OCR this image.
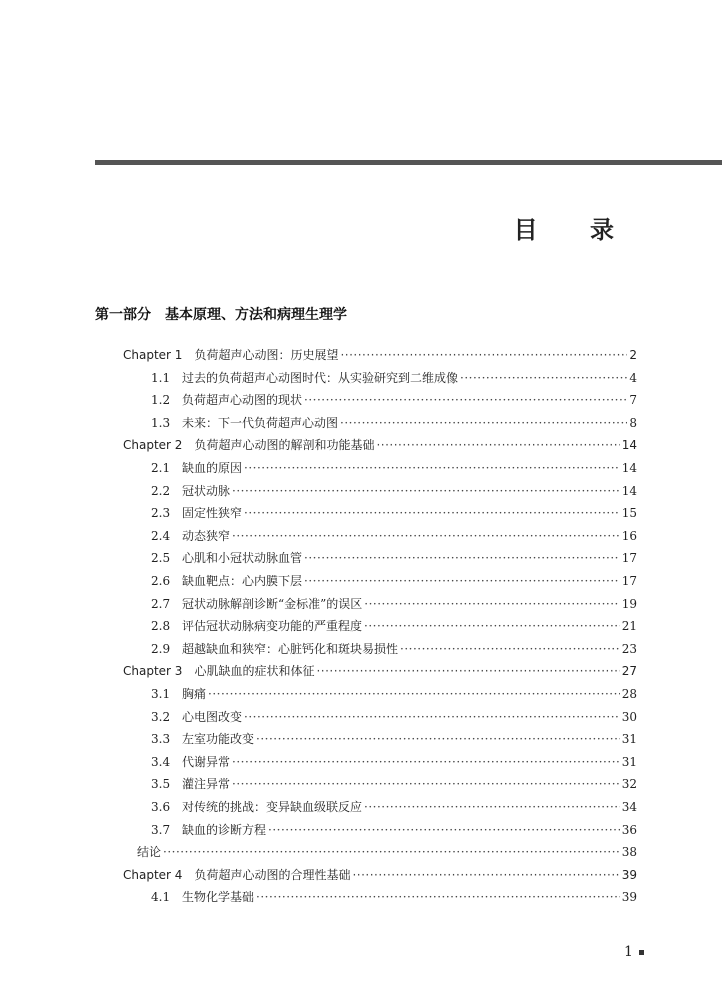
目 录
第一部分　基本原理、方法和病理生理学
Chapter 1 负荷超声心动图：历史展望 ·····	2
1.1 过去的负荷超声心动图时代：从实验研究到二维成像 ·····	4
1.2 负荷超声心动图的现状 ·····	7
1.3 未来：下一代负荷超声心动图 ·····	8
Chapter 2 负荷超声心动图的解剖和功能基础 ·····	14
2.1 缺血的原因 ·····	14
2.2 冠状动脉 ·····	14
2.3 固定性狭窄 ·····	15
2.4 动态狭窄 ·····	16
2.5 心肌和小冠状动脉血管 ·····	17
2.6 缺血靶点：心内膜下层 ·····	17
2.7 冠状动脉解剖诊断“金标准”的误区 ·····	19
2.8 评估冠状动脉病变功能的严重程度 ·····	21
2.9 超越缺血和狭窄：心脏钙化和斑块易损性 ·····	23
Chapter 3 心肌缺血的症状和体征 ·····	27
3.1 胸痛 ·····	28
3.2 心电图改变 ·····	30
3.3 左室功能改变 ·····	31
3.4 代谢异常 ·····	31
3.5 灌注异常 ·····	32
3.6 对传统的挑战：变异缺血级联反应 ·····	34
3.7 缺血的诊断方程 ·····	36
结论 ·····	38
Chapter 4 负荷超声心动图的合理性基础 ·····	39
4.1 生物化学基础 ·····	39
1
